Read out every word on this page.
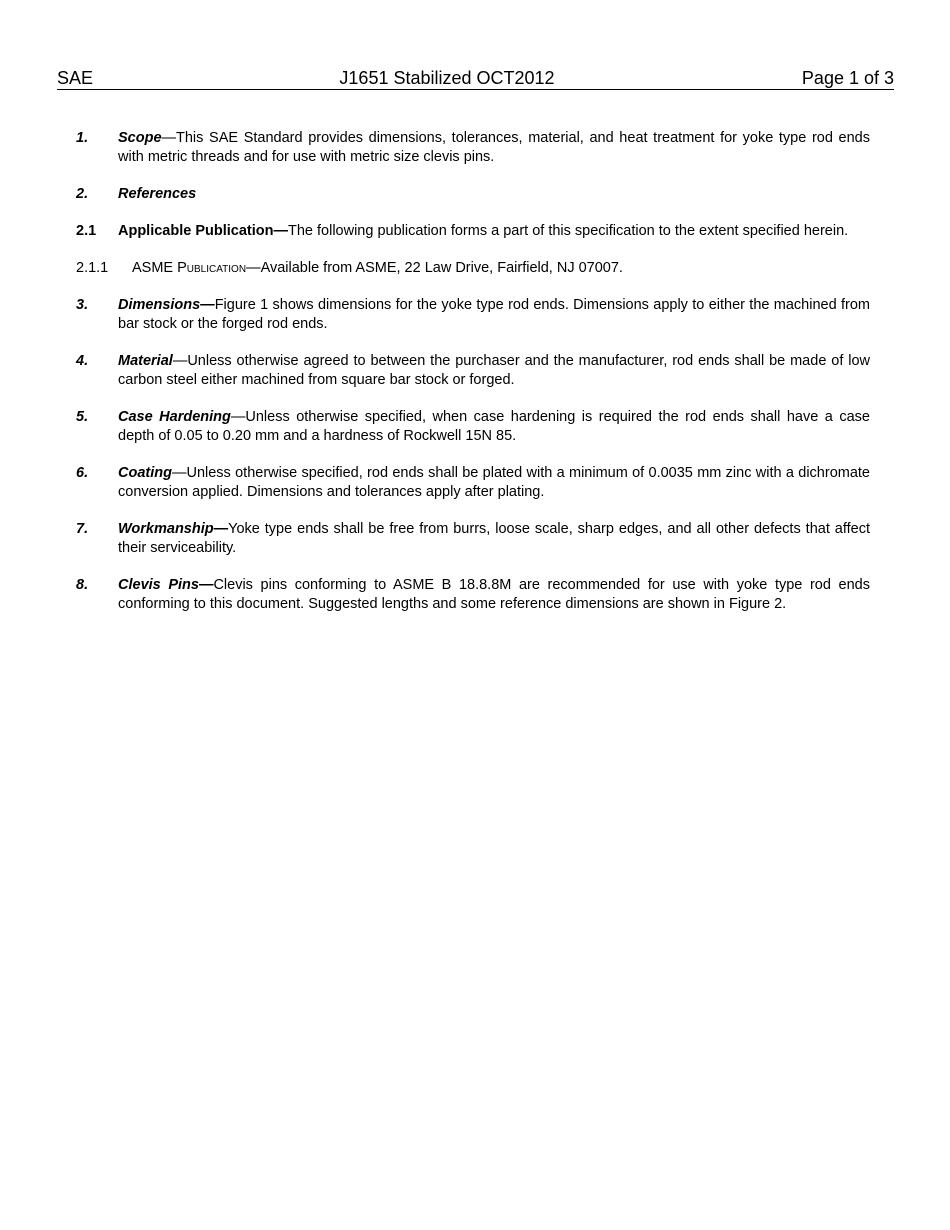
SAE	J1651 Stabilized OCT2012	Page 1 of 3
1. Scope—This SAE Standard provides dimensions, tolerances, material, and heat treatment for yoke type rod ends with metric threads and for use with metric size clevis pins.
2. References
2.1 Applicable Publication—The following publication forms a part of this specification to the extent specified herein.
2.1.1 ASME Publication—Available from ASME, 22 Law Drive, Fairfield, NJ 07007.
3. Dimensions—Figure 1 shows dimensions for the yoke type rod ends. Dimensions apply to either the machined from bar stock or the forged rod ends.
4. Material—Unless otherwise agreed to between the purchaser and the manufacturer, rod ends shall be made of low carbon steel either machined from square bar stock or forged.
5. Case Hardening—Unless otherwise specified, when case hardening is required the rod ends shall have a case depth of 0.05 to 0.20 mm and a hardness of Rockwell 15N 85.
6. Coating—Unless otherwise specified, rod ends shall be plated with a minimum of 0.0035 mm zinc with a dichromate conversion applied. Dimensions and tolerances apply after plating.
7. Workmanship—Yoke type ends shall be free from burrs, loose scale, sharp edges, and all other defects that affect their serviceability.
8. Clevis Pins—Clevis pins conforming to ASME B 18.8.8M are recommended for use with yoke type rod ends conforming to this document. Suggested lengths and some reference dimensions are shown in Figure 2.
